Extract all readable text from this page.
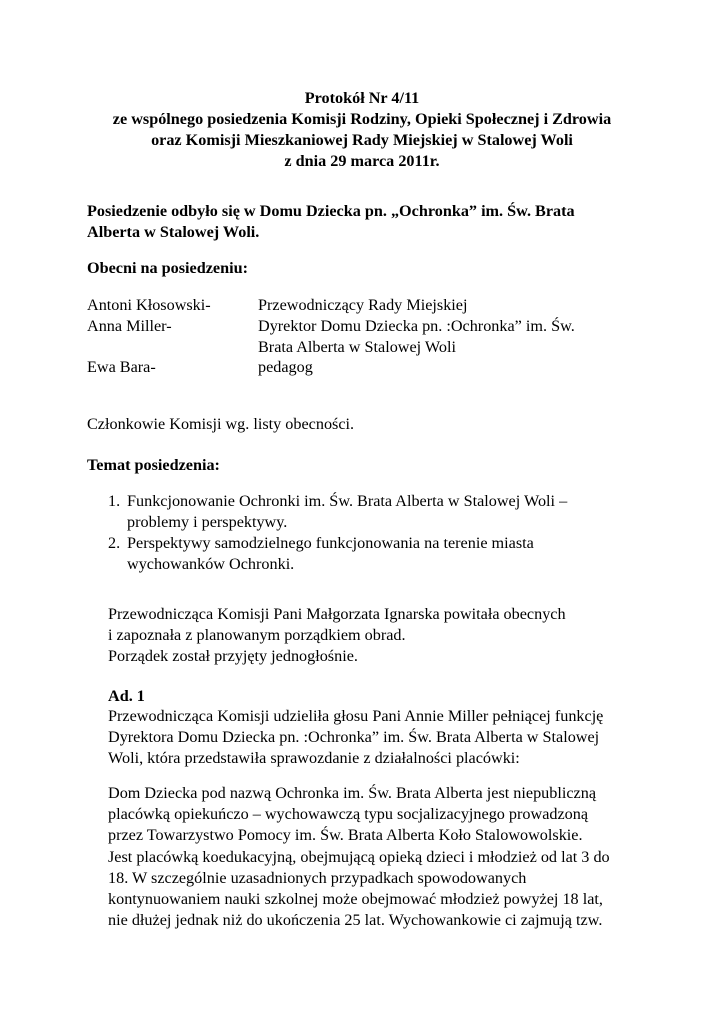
Protokół Nr 4/11
ze wspólnego posiedzenia Komisji Rodziny, Opieki Społecznej i Zdrowia
oraz Komisji Mieszkaniowej Rady Miejskiej w Stalowej Woli
z dnia 29 marca 2011r.
Posiedzenie odbyło się w Domu Dziecka pn. „Ochronka” im. Św. Brata
Alberta w Stalowej Woli.
Obecni na posiedzeniu:
Antoni Kłosowski-	Przewodniczący Rady Miejskiej
Anna Miller-	Dyrektor Domu Dziecka pn. :Ochronka” im. Św.
Brata Alberta w Stalowej Woli
Ewa Bara-	pedagog
Członkowie Komisji wg. listy obecności.
Temat posiedzenia:
1. Funkcjonowanie Ochronki im. Św. Brata Alberta w Stalowej Woli –
problemy i perspektywy.
2. Perspektywy samodzielnego funkcjonowania na terenie miasta
wychowanków Ochronki.
Przewodnicząca Komisji Pani Małgorzata Ignarska powitała obecnych
i zapoznała z planowanym porządkiem obrad.
Porządek został przyjęty jednogłośnie.
Ad. 1
Przewodnicząca Komisji udzieliła głosu Pani Annie Miller pełniącej funkcję
Dyrektora Domu Dziecka pn. :Ochronka” im. Św. Brata Alberta w Stalowej
Woli, która przedstawiła sprawozdanie z działalności placówki:
Dom Dziecka pod nazwą Ochronka im. Św. Brata Alberta jest niepubliczną
placówką opiekuńczo – wychowawczą typu socjalizacyjnego prowadzoną
przez Towarzystwo Pomocy im. Św. Brata Alberta Koło Stalowowolskie.
Jest placówką koedukacyjną, obejmującą opieką dzieci i młodzież od lat 3 do
18. W szczególnie uzasadnionych przypadkach spowodowanych
kontynuowaniem nauki szkolnej może obejmować młodzież powyżej 18 lat,
nie dłużej jednak niż do ukończenia 25 lat. Wychowankowie ci zajmują tzw.
